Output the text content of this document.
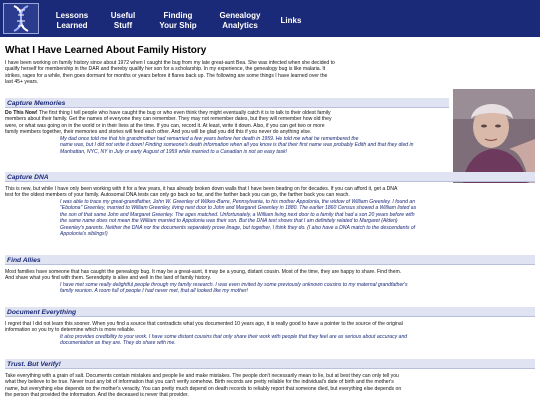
Lessons
Learned
Useful
Stuff
Finding
Your Ship
Genealogy
Analytics
Links
What I Have Learned About Family History
I have been working on family history since about 1972 when I caught the bug from my late great-aunt Bea. She was infected when she decided to
qualify herself for membership in the DAR and thereby qualify her son for a scholarship. In my experience, the genealogy bug is like malaria. It
strikes, rages for a while, then goes dormant for months or years before it flares back up. The following are some things I have learned over the
last 45+ years.
Capture Memories
Do This Now! The first thing I tell people who have caught the bug or who even think they might eventually catch it is to talk to their oldest family
members about their family. Get the names of everyone they can remember. They may not remember dates, but they will remember how old they
were, or what was going on in the world or in their lives at the time. If you can, record it. At least, write it down. Also, if you can get two or more
family members together, their memories and stories will feed each other. And you will be glad you did this if you never do anything else.
My dad once told me that his grandmother had remarried a few years before her death in 1959. He told me what he remembered the
name was, but I did not write it down! Finding someone's death information when all you know is that their first name was probably Edith and that they died in
Manhattan, NYC, NY in July or early August of 1959 while married to a Canadian is not an easy task!
Capture DNA
This is new, but while I have only been working with it for a few years, it has already broken down walls that I have been beating on for decades. If you can afford it, get a DNA
test for the oldest members of your family. Autosomal DNA tests can only go back so far, and the farther back you can go, the farther back you can reach.
I was able to trace my great-grandfather, John W. Greenley of Wilkes-Barre, Pennsylvania, to his mother Appolonia, the widow of William Greenley. I found an
"Ebolona" Greenley, married to William Greenley, living next door to John and Margaret Greenley in 1880. The earlier 1860 Census showed a William listed as
the son of that same John and Margaret Greenley. The ages matched. Unfortunately, a William living next door to a family that had a son 20 years before with
the same name does not mean the William married to Appolonia was their son. But the DNA test shows that I am definitely related to Margaret (Alden)
Greenley's parents. Neither the DNA nor the documents separately prove linage, but together, I think they do. (I also have a DNA match to the descendants of
Appolonia's siblings!)
Find Allies
Most families have someone that has caught the genealogy bug. It may be a great-aunt, it may be a young, distant cousin. Most of the time, they are happy to share. Find them.
And share what you find with them. Serendipity is alive and well in the land of family history.
I have met some really delightful people through my family research. I was even invited by some previously unknown cousins to my maternal grandfather's
family reunion. A room full of people I had never met, that all looked like my mother!
Document Everything
I regret that I did not learn this sooner. When you find a source that contradicts what you documented 10 years ago, it is really good to have a pointer to the source of the original
information so you try to determine which is more reliable.
It also provides credibility to your work. I have some distant cousins that only share their work with people that they feel are as serious about accuracy and
documentation as they are. They do share with me.
Trust. But Verify!
Take everything with a grain of salt. Documents contain mistakes and people lie and make mistakes. The people don't necessarily mean to lie, but at best they can only tell you
what they believe to be true. Never trust any bit of information that you can't verify somehow. Birth records are pretty reliable for the individual's date of birth and the mother's
name, but everything else depends on the mother's veracity. You can pretty much depend on death records to reliably report that someone died, but everything else depends on
the person that provided the information. And the deceased is never that provider.
